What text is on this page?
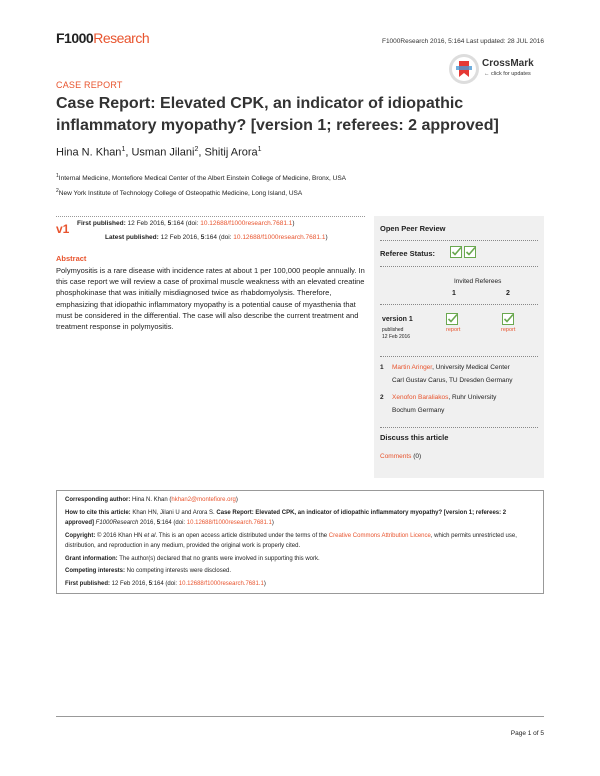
F1000Research	F1000Research 2016, 5:164 Last updated: 28 JUL 2016
CrossMark
← click for updates
CASE REPORT
Case Report: Elevated CPK, an indicator of idiopathic inflammatory myopathy? [version 1; referees: 2 approved]
Hina N. Khan$^1$, Usman Jilani$^2$, Shitij Arora$^1$
$^1$Internal Medicine, Montefiore Medical Center of the Albert Einstein College of Medicine, Bronx, USA
$^2$New York Institute of Technology College of Osteopathic Medicine, Long Island, USA
v1 First published: 12 Feb 2016, 5:164 (doi: 10.12688/f1000research.7681.1)
Latest published: 12 Feb 2016, 5:164 (doi: 10.12688/f1000research.7681.1)
Abstract
Polymyositis is a rare disease with incidence rates at about 1 per 100,000 people annually. In this case report we will review a case of proximal muscle weakness with an elevated creatine phosphokinase that was initially misdiagnosed twice as rhabdomyolysis. Therefore, emphasizing that idiopathic inflammatory myopathy is a potential cause of myasthenia that must be considered in the differential. The case will also describe the current treatment and treatment response in polymyositis.
Open Peer Review
Referee Status:
Invited Referees
1	2
version 1
published
12 Feb 2016
report	report
1 Martin Aringer, University Medical Center
Carl Gustav Carus, TU Dresden Germany
2 Xenofon Baraliakos, Ruhr University
Bochum Germany
Discuss this article
Comments (0)

Corresponding author: Hina N. Khan (hkhan2@montefiore.org)

How to cite this article: Khan HN, Jilani U and Arora S. Case Report: Elevated CPK, an indicator of idiopathic inflammatory myopathy? [version 1; referees: 2 approved] F1000Research 2016, 5:164 (doi: 10.12688/f1000research.7681.1)

Copyright: © 2016 Khan HN et al. This is an open access article distributed under the terms of the Creative Commons Attribution Licence, which permits unrestricted use, distribution, and reproduction in any medium, provided the original work is properly cited.

Grant information: The author(s) declared that no grants were involved in supporting this work.

Competing interests: No competing interests were disclosed.

First published: 12 Feb 2016, 5:164 (doi: 10.12688/f1000research.7681.1)

Page 1 of 5
